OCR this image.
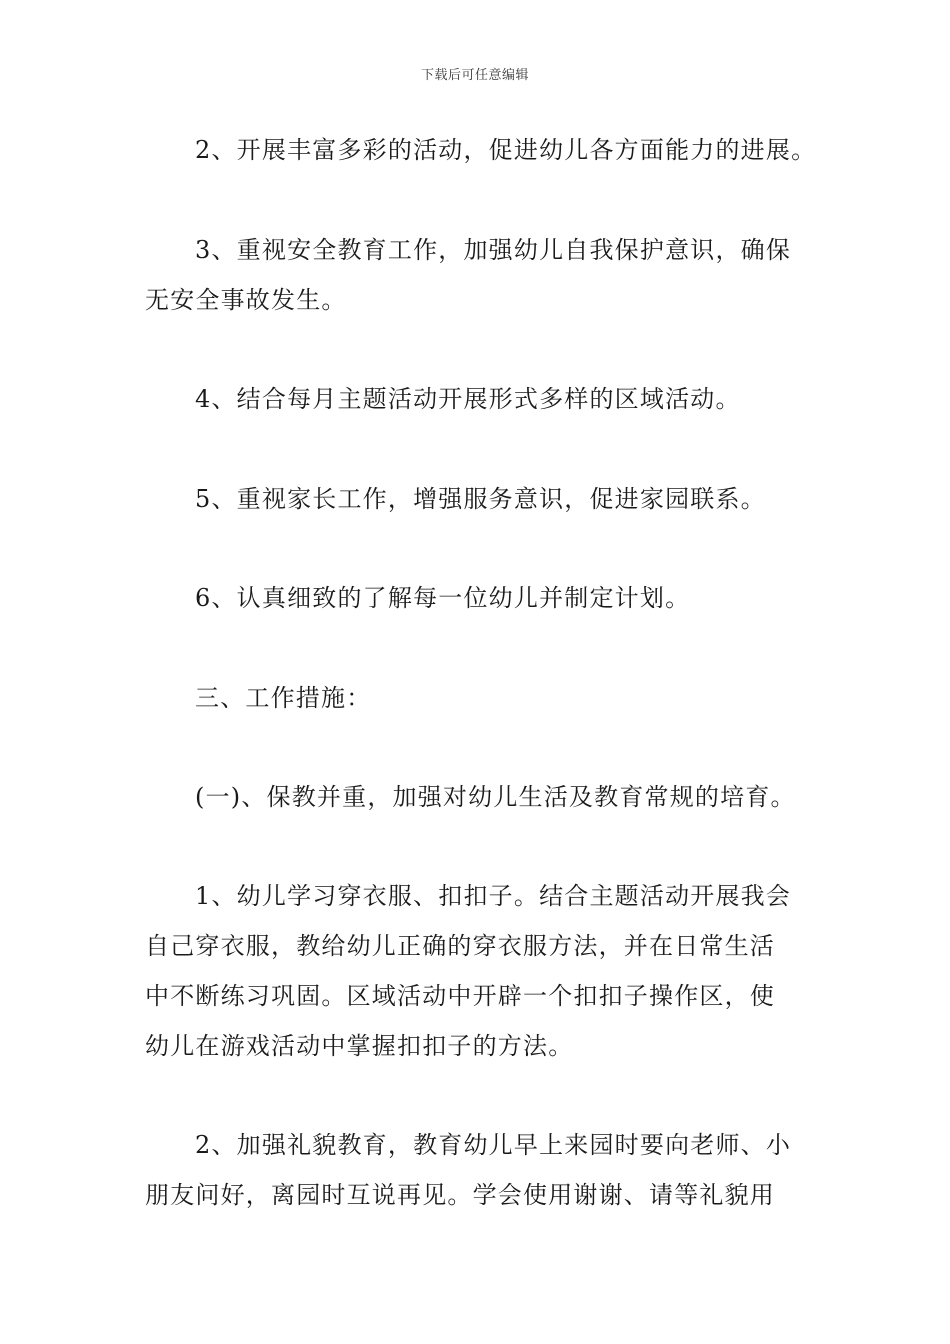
下载后可任意编辑

2、开展丰富多彩的活动，促进幼儿各方面能力的进展。

3、重视安全教育工作，加强幼儿自我保护意识，确保
无安全事故发生。

4、结合每月主题活动开展形式多样的区域活动。

5、重视家长工作，增强服务意识，促进家园联系。

6、认真细致的了解每一位幼儿并制定计划。

三、工作措施：

(一)、保教并重，加强对幼儿生活及教育常规的培育。

1、幼儿学习穿衣服、扣扣子。结合主题活动开展我会
自己穿衣服，教给幼儿正确的穿衣服方法，并在日常生活
中不断练习巩固。区域活动中开辟一个扣扣子操作区，使
幼儿在游戏活动中掌握扣扣子的方法。

2、加强礼貌教育，教育幼儿早上来园时要向老师、小
朋友问好，离园时互说再见。学会使用谢谢、请等礼貌用
